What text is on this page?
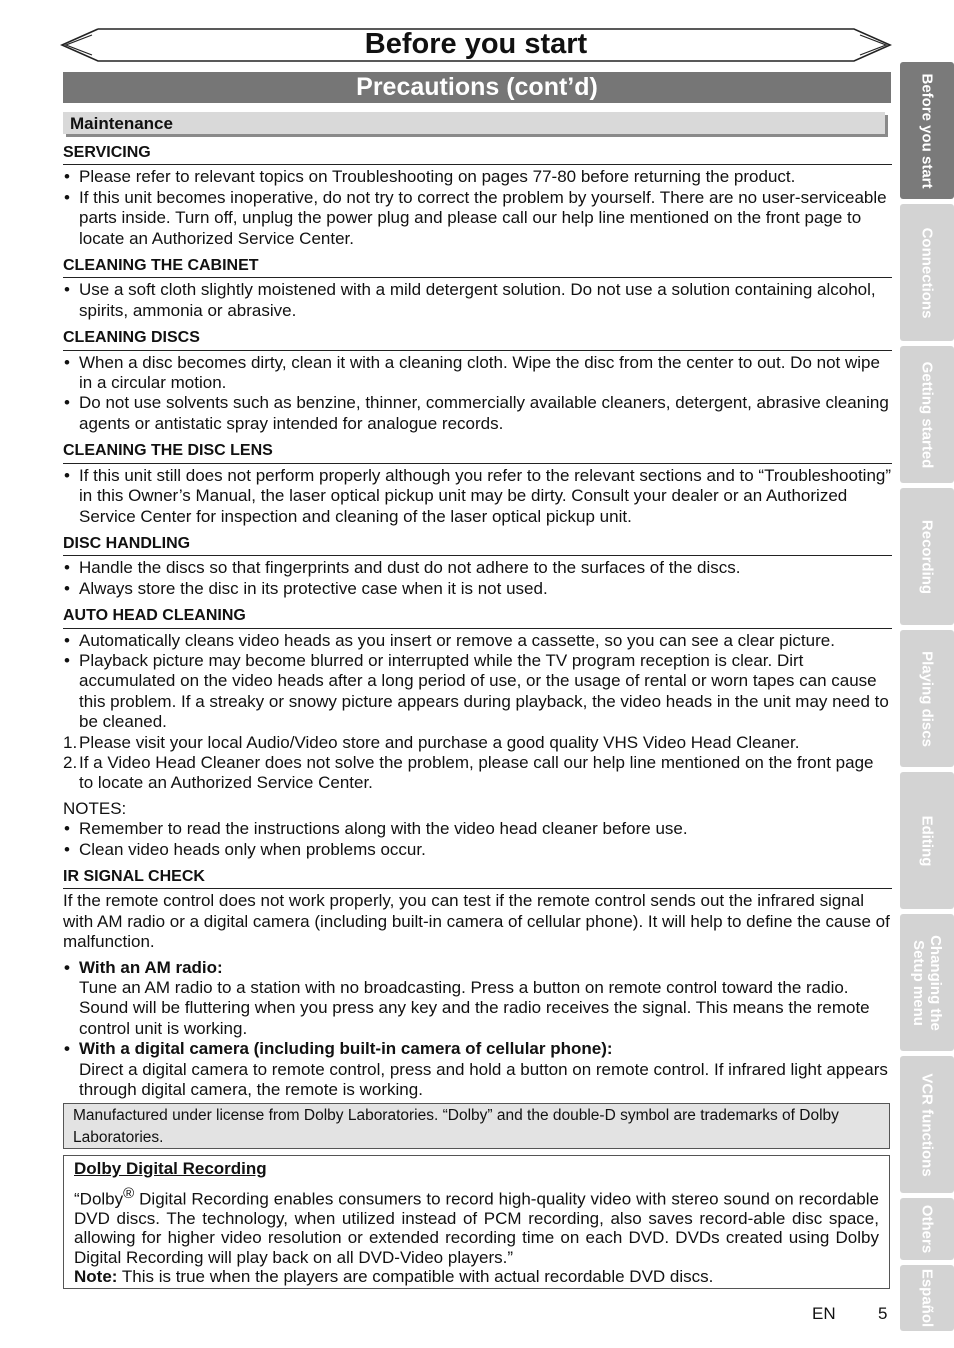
Before you start
Precautions (cont’d)
Maintenance
SERVICING
• Please refer to relevant topics on Troubleshooting on pages 77-80 before returning the product.
• If this unit becomes inoperative, do not try to correct the problem by yourself. There are no user-serviceable parts inside. Turn off, unplug the power plug and please call our help line mentioned on the front page to locate an Authorized Service Center.
CLEANING THE CABINET
• Use a soft cloth slightly moistened with a mild detergent solution. Do not use a solution containing alcohol, spirits, ammonia or abrasive.
CLEANING DISCS
• When a disc becomes dirty, clean it with a cleaning cloth. Wipe the disc from the center to out. Do not wipe in a circular motion.
• Do not use solvents such as benzine, thinner, commercially available cleaners, detergent, abrasive cleaning agents or antistatic spray intended for analogue records.
CLEANING THE DISC LENS
• If this unit still does not perform properly although you refer to the relevant sections and to “Troubleshooting” in this Owner’s Manual, the laser optical pickup unit may be dirty. Consult your dealer or an Authorized Service Center for inspection and cleaning of the laser optical pickup unit.
DISC HANDLING
• Handle the discs so that fingerprints and dust do not adhere to the surfaces of the discs.
• Always store the disc in its protective case when it is not used.
AUTO HEAD CLEANING
• Automatically cleans video heads as you insert or remove a cassette, so you can see a clear picture.
• Playback picture may become blurred or interrupted while the TV program reception is clear. Dirt accumulated on the video heads after a long period of use, or the usage of rental or worn tapes can cause this problem. If a streaky or snowy picture appears during playback, the video heads in the unit may need to be cleaned.
1. Please visit your local Audio/Video store and purchase a good quality VHS Video Head Cleaner.
2. If a Video Head Cleaner does not solve the problem, please call our help line mentioned on the front page to locate an Authorized Service Center.
NOTES:
• Remember to read the instructions along with the video head cleaner before use.
• Clean video heads only when problems occur.
IR SIGNAL CHECK
If the remote control does not work properly, you can test if the remote control sends out the infrared signal with AM radio or a digital camera (including built-in camera of cellular phone). It will help to define the cause of malfunction.
• With an AM radio:
Tune an AM radio to a station with no broadcasting. Press a button on remote control toward the radio. Sound will be fluttering when you press any key and the radio receives the signal. This means the remote control unit is working.
• With a digital camera (including built-in camera of cellular phone):
Direct a digital camera to remote control, press and hold a button on remote control. If infrared light appears through digital camera, the remote is working.
Manufactured under license from Dolby Laboratories. “Dolby” and the double-D symbol are trademarks of Dolby Laboratories.
Dolby Digital Recording
“Dolby® Digital Recording enables consumers to record high-quality video with stereo sound on recordable DVD discs. The technology, when utilized instead of PCM recording, also saves record-able disc space, allowing for higher video resolution or extended recording time on each DVD. DVDs created using Dolby Digital Recording will play back on all DVD-Video players.”
Note: This is true when the players are compatible with actual recordable DVD discs.
EN 5
Before you start
Connections
Getting started
Recording
Playing discs
Editing
Changing the Setup menu
VCR functions
Others
Español
